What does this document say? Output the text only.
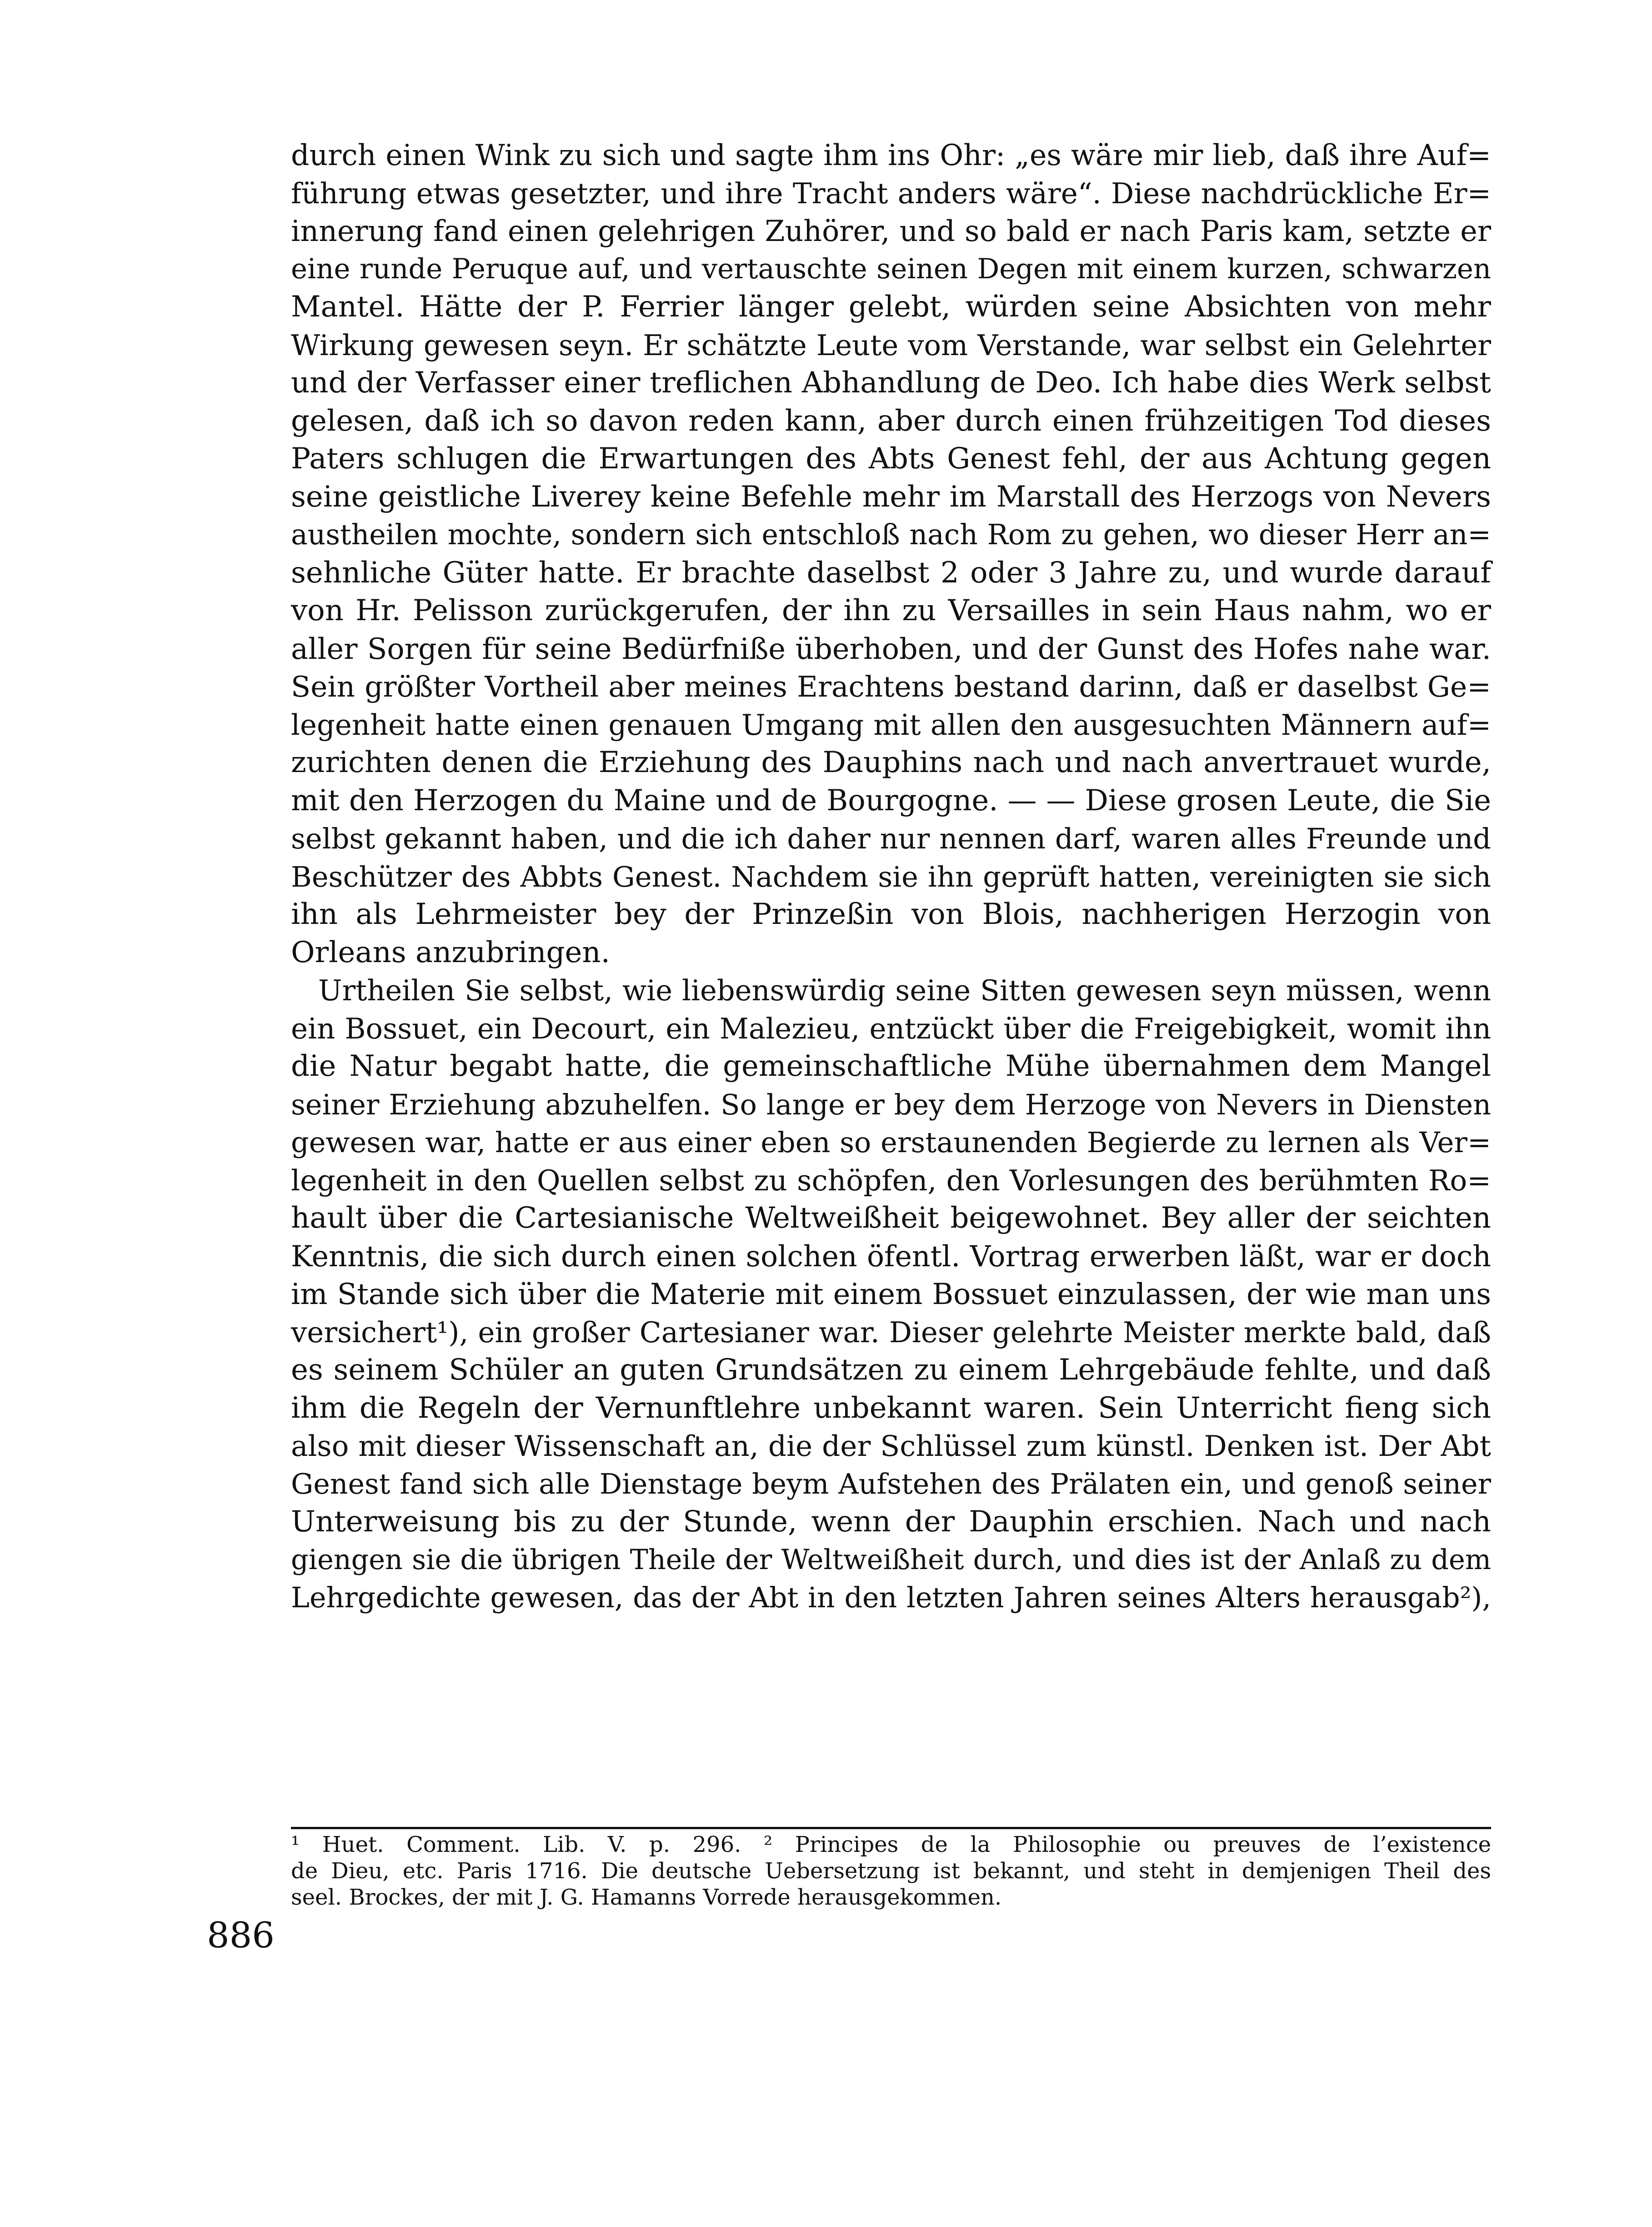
durch einen Wink zu sich und sagte ihm ins Ohr: „es wäre mir lieb, daß ihre Auf=
führung etwas gesetzter, und ihre Tracht anders wäre“. Diese nachdrückliche Er=
innerung fand einen gelehrigen Zuhörer, und so bald er nach Paris kam, setzte er
eine runde Peruque auf, und vertauschte seinen Degen mit einem kurzen, schwarzen
Mantel. Hätte der P. Ferrier länger gelebt, würden seine Absichten von mehr
Wirkung gewesen seyn. Er schätzte Leute vom Verstande, war selbst ein Gelehrter
und der Verfasser einer treflichen Abhandlung de Deo. Ich habe dies Werk selbst
gelesen, daß ich so davon reden kann, aber durch einen frühzeitigen Tod dieses
Paters schlugen die Erwartungen des Abts Genest fehl, der aus Achtung gegen
seine geistliche Liverey keine Befehle mehr im Marstall des Herzogs von Nevers
austheilen mochte, sondern sich entschloß nach Rom zu gehen, wo dieser Herr an=
sehnliche Güter hatte. Er brachte daselbst 2 oder 3 Jahre zu, und wurde darauf
von Hr. Pelisson zurückgerufen, der ihn zu Versailles in sein Haus nahm, wo er
aller Sorgen für seine Bedürfniße überhoben, und der Gunst des Hofes nahe war.
Sein größter Vortheil aber meines Erachtens bestand darinn, daß er daselbst Ge=
legenheit hatte einen genauen Umgang mit allen den ausgesuchten Männern auf=
zurichten denen die Erziehung des Dauphins nach und nach anvertrauet wurde,
mit den Herzogen du Maine und de Bourgogne. — — Diese grosen Leute, die Sie
selbst gekannt haben, und die ich daher nur nennen darf, waren alles Freunde und
Beschützer des Abbts Genest. Nachdem sie ihn geprüft hatten, vereinigten sie sich
ihn als Lehrmeister bey der Prinzeßin von Blois, nachherigen Herzogin von
Orleans anzubringen.
Urtheilen Sie selbst, wie liebenswürdig seine Sitten gewesen seyn müssen, wenn
ein Bossuet, ein Decourt, ein Malezieu, entzückt über die Freigebigkeit, womit ihn
die Natur begabt hatte, die gemeinschaftliche Mühe übernahmen dem Mangel
seiner Erziehung abzuhelfen. So lange er bey dem Herzoge von Nevers in Diensten
gewesen war, hatte er aus einer eben so erstaunenden Begierde zu lernen als Ver=
legenheit in den Quellen selbst zu schöpfen, den Vorlesungen des berühmten Ro=
hault über die Cartesianische Weltweißheit beigewohnet. Bey aller der seichten
Kenntnis, die sich durch einen solchen öfentl. Vortrag erwerben läßt, war er doch
im Stande sich über die Materie mit einem Bossuet einzulassen, der wie man uns
versichert¹), ein großer Cartesianer war. Dieser gelehrte Meister merkte bald, daß
es seinem Schüler an guten Grundsätzen zu einem Lehrgebäude fehlte, und daß
ihm die Regeln der Vernunftlehre unbekannt waren. Sein Unterricht fieng sich
also mit dieser Wissenschaft an, die der Schlüssel zum künstl. Denken ist. Der Abt
Genest fand sich alle Dienstage beym Aufstehen des Prälaten ein, und genoß seiner
Unterweisung bis zu der Stunde, wenn der Dauphin erschien. Nach und nach
giengen sie die übrigen Theile der Weltweißheit durch, und dies ist der Anlaß zu dem
Lehrgedichte gewesen, das der Abt in den letzten Jahren seines Alters herausgab²),
¹ Huet. Comment. Lib. V. p. 296. ² Principes de la Philosophie ou preuves de l’existence
de Dieu, etc. Paris 1716. Die deutsche Uebersetzung ist bekannt, und steht in demjenigen Theil des
seel. Brockes, der mit J. G. Hamanns Vorrede herausgekommen.
886
